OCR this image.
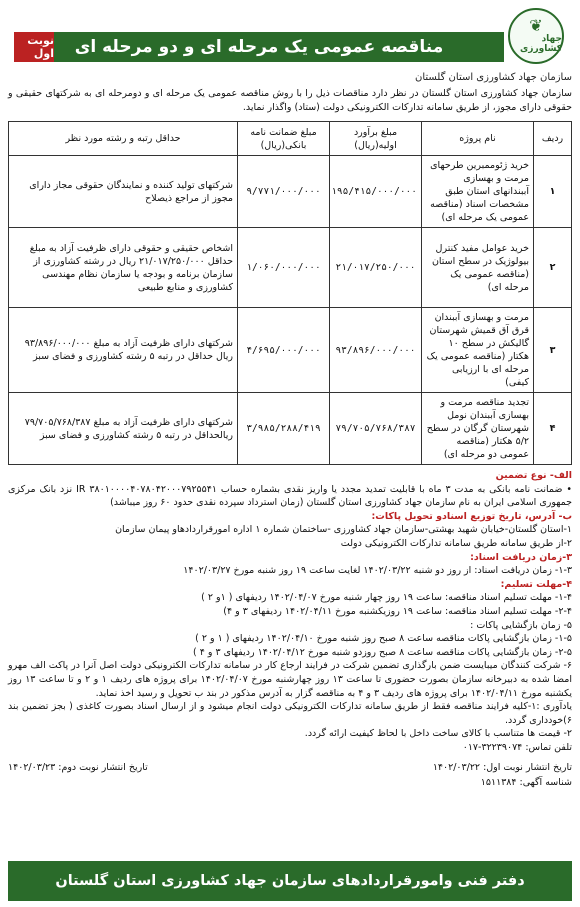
❦
جهاد کشاورزی
مناقصه عمومی یک مرحله ای و دو مرحله ای
نوبت اول
سازمان جهاد کشاورزی استان گلستان
سازمان جهاد کشاورزی استان گلستان در نظر دارد مناقصات ذیل را با روش مناقصه عمومی یک مرحله ای و دومرحله ای به شرکتهای حقیقی و حقوقی دارای مجوز، از طریق سامانه تدارکات الکترونیکی دولت (ستاد) واگذار نماید.
ردیف	نام پروژه	مبلغ برآورد اولیه(ریال)	مبلغ ضمانت نامه بانکی(ریال)	حداقل رتبه و رشته مورد نظر
۱	خرید ژئوممبرین طرحهای مرمت و بهسازی آببندانهای استان طبق مشخصات اسناد (مناقصه عمومی یک مرحله ای)	۱۹۵/۴۱۵/۰۰۰/۰۰۰	۹/۷۷۱/۰۰۰/۰۰۰	شرکتهای تولید کننده و نمایندگان حقوقی مجاز دارای مجوز از مراجع ذیصلاح
۲	خرید عوامل مفید کنترل بیولوژیک در سطح استان (مناقصه عمومی یک مرحله ای)	۲۱/۰۱۷/۲۵۰/۰۰۰	۱/۰۶۰/۰۰۰/۰۰۰	اشخاص حقیقی و حقوقی دارای ظرفیت آزاد به مبلغ حداقل ۲۱/۰۱۷/۲۵۰/۰۰۰ ریال در رشته کشاورزی از سازمان برنامه و بودجه یا سازمان نظام مهندسی کشاورزی و منابع طبیعی
۳	مرمت و بهسازی آببندان قرق آق قمیش شهرستان گالیکش در سطح ۱۰ هکتار (مناقصه عمومی یک مرحله ای با ارزیابی کیفی)	۹۳/۸۹۶/۰۰۰/۰۰۰	۴/۶۹۵/۰۰۰/۰۰۰	شرکتهای دارای ظرفیت آزاد به مبلغ ۹۳/۸۹۶/۰۰۰/۰۰۰ ریال حداقل در رتبه ۵ رشته کشاورزی و فضای سبز
۴	تجدید مناقصه مرمت و بهسازی آببندان نومل شهرستان گرگان در سطح ۵/۲ هکتار (مناقصه عمومی دو مرحله ای)	۷۹/۷۰۵/۷۶۸/۳۸۷	۳/۹۸۵/۲۸۸/۴۱۹	شرکتهای دارای ظرفیت آزاد به مبلغ ۷۹/۷۰۵/۷۶۸/۳۸۷ ریالحداقل در رتبه ۵ رشته کشاورزی و فضای سبز
الف- نوع تضمین
• ضمانت نامه بانکی به مدت ۳ ماه با قابلیت تمدید مجدد یا واریز نقدی بشماره حساب IR ۳۸۰۱۰۰۰۰۴۰۷۸۰۴۲۰۰۰۷۹۲۵۵۴۱ نزد بانک مرکزی جمهوری اسلامی ایران به نام سازمان جهاد کشاورزی استان گلستان (زمان استرداد سپرده نقدی حدود ۶۰ روز میباشد)
ب- آدرس، تاریخ توزیع اسنادو تحویل پاکات:
۱-استان گلستان-خیابان شهید بهشتی-سازمان جهاد کشاورزی -ساختمان شماره ۱ اداره امورقراردادهاو پیمان سازمان
۲-از طریق سامانه طریق سامانه تدارکات الکترونیکی دولت
۳-زمان دریافت اسناد:
۱-۳- زمان دریافت اسناد: از روز دو شنبه ۱۴۰۲/۰۳/۲۲ لغایت ساعت ۱۹ روز شنبه مورخ ۱۴۰۲/۰۳/۲۷
۴-مهلت تسلیم:
۱-۴- مهلت تسلیم اسناد مناقصه: ساعت ۱۹ روز چهار شنبه مورخ ۱۴۰۲/۰۴/۰۷ ردیفهای ( ۱و ۲ )
۲-۴- مهلت تسلیم اسناد مناقصه: ساعت ۱۹ روزیکشنبه مورخ ۱۴۰۲/۰۴/۱۱ ردیفهای ۳ و ۴)
۵- زمان بازگشایی پاکات :
۱-۵- زمان بازگشایی پاکات مناقصه ساعت ۸ صبح روز شنبه مورخ ۱۴۰۲/۰۴/۱۰ ردیفهای ( ۱ و ۲ )
۲-۵- زمان بازگشایی پاکات مناقصه ساعت ۸ صبح روزدو شنبه مورخ ۱۴۰۲/۰۴/۱۲ ردیفهای ۳ و ۴ )
۶- شرکت کنندگان میبایست ضمن بارگذاری تضمین شرکت در فرایند ارجاع کار در سامانه تدارکات الکترونیکی دولت اصل آنرا در پاکت الف مهرو امضا شده به دبیرخانه سازمان بصورت حضوری تا ساعت ۱۳ روز چهارشنبه مورخ ۱۴۰۲/۰۴/۰۷ برای پروژه های ردیف ۱ و ۲ و تا ساعت ۱۳ روز یکشنبه مورخ ۱۴۰۲/۰۴/۱۱ برای پروژه های ردیف ۳ و ۴ به مناقصه گزار به آدرس مذکور در بند ب تحویل و رسید اخذ نماید.
یادآوری :۱-کلیه فرایند مناقصه فقط از طریق سامانه تدارکات الکترونیکی دولت انجام میشود و از ارسال اسناد بصورت کاغذی ( بجز تضمین بند ۶)خودداری گردد.
۲- قیمت ها متناسب با کالای ساخت داخل با لحاظ کیفیت ارائه گردد.
تلفن تماس: ۳۲۲۳۹۰۷۴-۰۱۷
تاریخ انتشار نوبت اول: ۱۴۰۲/۰۳/۲۲
تاریخ انتشار نوبت دوم: ۱۴۰۲/۰۳/۲۳
شناسه آگهی: ۱۵۱۱۳۸۴
دفتر فنی وامورقراردادهای سازمان جهاد کشاورزی استان گلستان
